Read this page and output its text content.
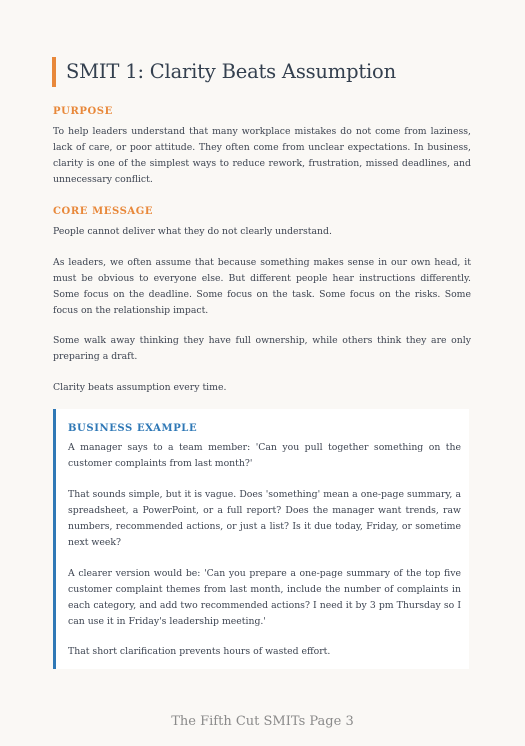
SMIT 1: Clarity Beats Assumption
PURPOSE
To help leaders understand that many workplace mistakes do not come from laziness, lack of care, or poor attitude. They often come from unclear expectations. In business, clarity is one of the simplest ways to reduce rework, frustration, missed deadlines, and unnecessary conflict.
CORE MESSAGE
People cannot deliver what they do not clearly understand.
As leaders, we often assume that because something makes sense in our own head, it must be obvious to everyone else. But different people hear instructions differently. Some focus on the deadline. Some focus on the task. Some focus on the risks. Some focus on the relationship impact.
Some walk away thinking they have full ownership, while others think they are only preparing a draft.
Clarity beats assumption every time.
BUSINESS EXAMPLE
A manager says to a team member: 'Can you pull together something on the customer complaints from last month?'
That sounds simple, but it is vague. Does 'something' mean a one-page summary, a spreadsheet, a PowerPoint, or a full report? Does the manager want trends, raw numbers, recommended actions, or just a list? Is it due today, Friday, or sometime next week?
A clearer version would be: 'Can you prepare a one-page summary of the top five customer complaint themes from last month, include the number of complaints in each category, and add two recommended actions? I need it by 3 pm Thursday so I can use it in Friday's leadership meeting.'
That short clarification prevents hours of wasted effort.
The Fifth Cut SMITs Page 3
